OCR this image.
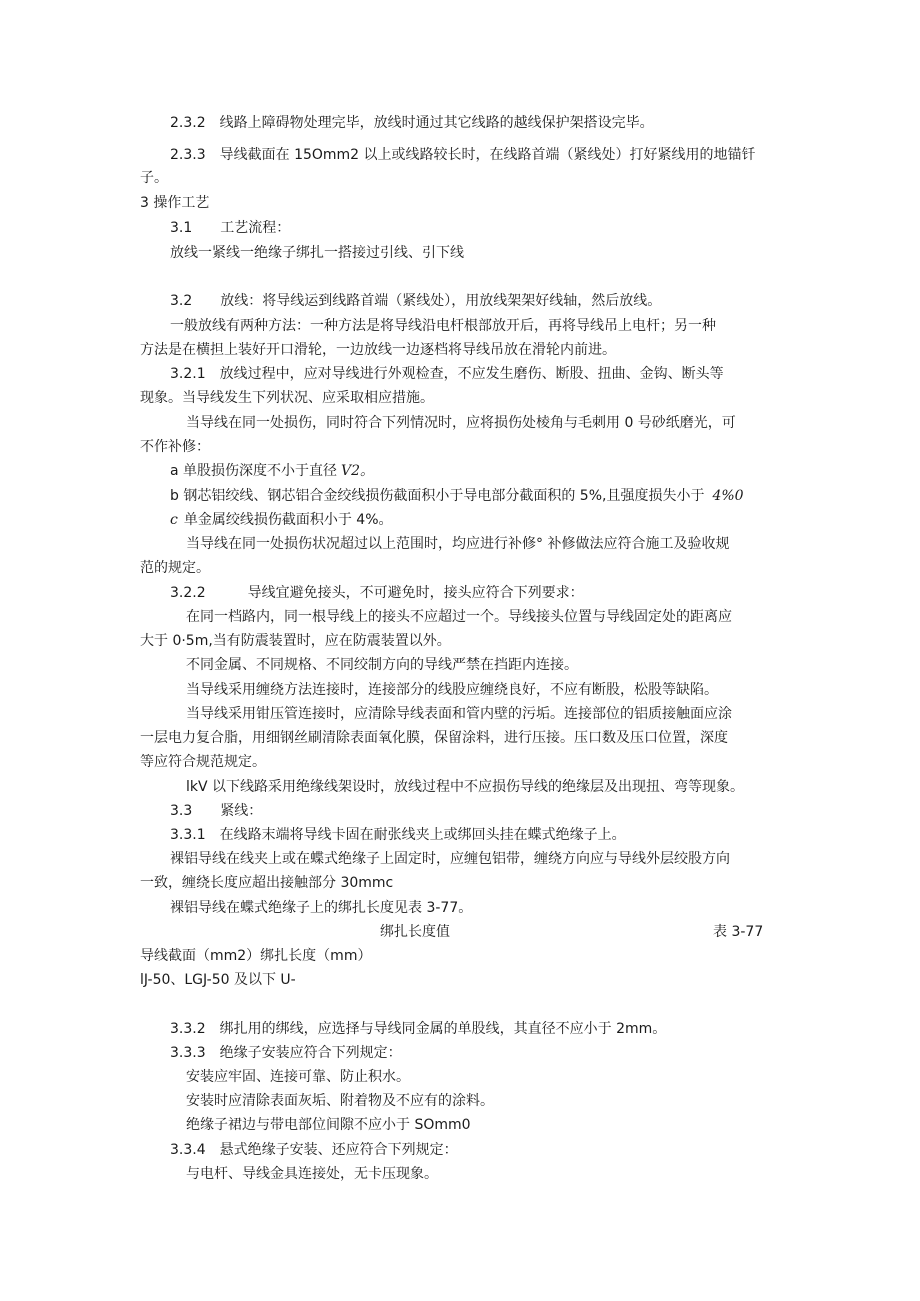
2.3.2　线路上障碍物处理完毕，放线时通过其它线路的越线保护架搭设完毕。

2.3.3　导线截面在 15Omm2 以上或线路较长时，在线路首端（紧线处）打好紧线用的地锚钎

子。

3 操作工艺

3.1　　工艺流程：

放线一紧线一绝缘子绑扎一搭接过引线、引下线

3.2　　放线：将导线运到线路首端（紧线处），用放线架架好线轴，然后放线。

一般放线有两种方法：一种方法是将导线沿电杆根部放开后，再将导线吊上电杆；另一种

方法是在横担上装好开口滑轮，一边放线一边逐档将导线吊放在滑轮内前进。

3.2.1　放线过程中，应对导线进行外观检查，不应发生磨伤、断股、扭曲、金钩、断头等

现象。当导线发生下列状况、应采取相应措施。

当导线在同一处损伤，同时符合下列情况时，应将损伤处棱角与毛刺用 0 号砂纸磨光，可

不作补修：

a 单股损伤深度不小于直径 V2。

b 钢芯铝绞线、钢芯铝合金绞线损伤截面积小于导电部分截面积的 5%,且强度损失小于 4%0

c 单金属绞线损伤截面积小于 4%。

当导线在同一处损伤状况超过以上范围时，均应进行补修° 补修做法应符合施工及验收规

范的规定。

3.2.2　　　导线宜避免接头，不可避免时，接头应符合下列要求：

在同一档路内，同一根导线上的接头不应超过一个。导线接头位置与导线固定处的距离应

大于 0·5m,当有防震装置时，应在防震装置以外。

不同金属、不同规格、不同绞制方向的导线严禁在挡距内连接。

当导线采用缠绕方法连接时，连接部分的线股应缠绕良好，不应有断股，松股等缺陷。

当导线采用钳压管连接时，应清除导线表面和管内壁的污垢。连接部位的铝质接触面应涂

一层电力复合脂，用细钢丝刷清除表面氧化膜，保留涂料，进行压接。压口数及压口位置，深度

等应符合规范规定。

lkV 以下线路采用绝缘线架设时，放线过程中不应损伤导线的绝缘层及出现扭、弯等现象。

3.3　　紧线：

3.3.1　在线路末端将导线卡固在耐张线夹上或绑回头挂在蝶式绝缘子上。

裸铝导线在线夹上或在蝶式绝缘子上固定时，应缠包铝带，缠绕方向应与导线外层绞股方向

一致，缠绕长度应超出接触部分 30mmc

裸铝导线在蝶式绝缘子上的绑扎长度见表 3-77。

绑扎长度值	表 3-77

导线截面（mm2）绑扎长度（mm）

lJ-50、LGJ-50 及以下 U-

3.3.2　绑扎用的绑线，应选择与导线同金属的单股线，其直径不应小于 2mm。

3.3.3　绝缘子安装应符合下列规定：

安装应牢固、连接可靠、防止积水。

安装时应清除表面灰垢、附着物及不应有的涂料。

绝缘子裙边与带电部位间隙不应小于 SOmm0

3.3.4　悬式绝缘子安装、还应符合下列规定：

与电杆、导线金具连接处，无卡压现象。
